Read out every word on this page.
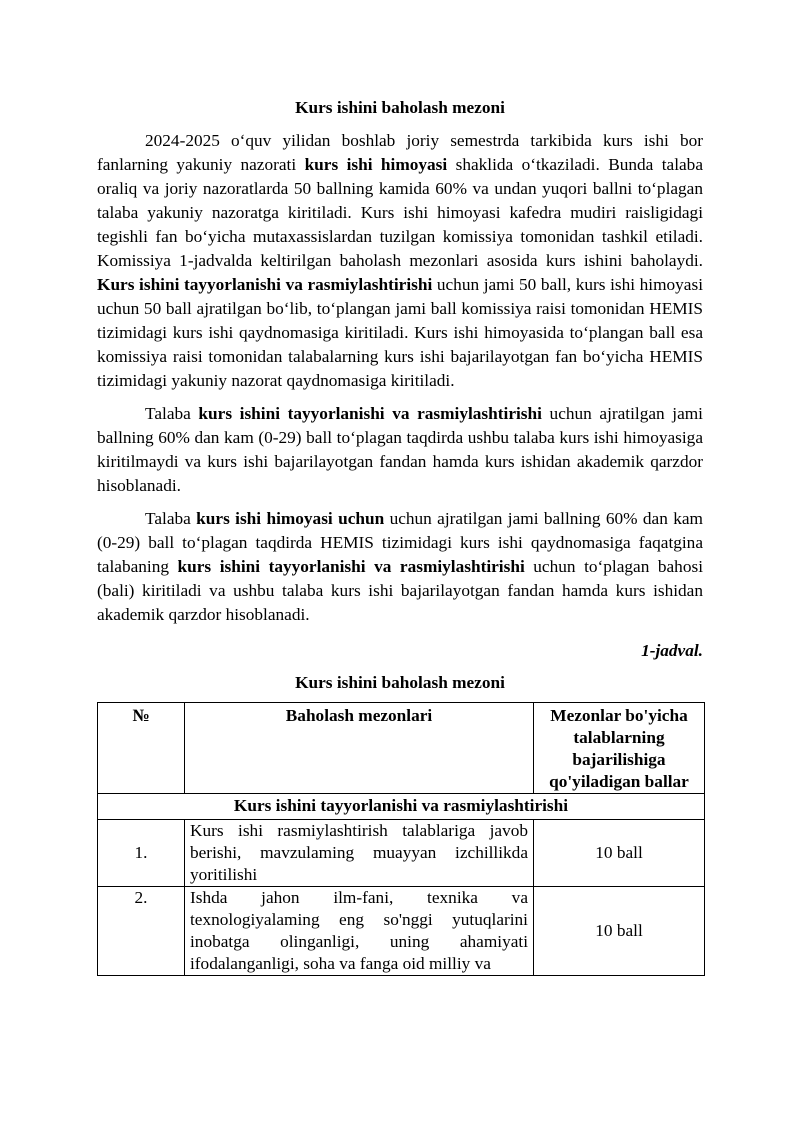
Kurs ishini baholash mezoni

2024-2025 o‘quv yilidan boshlab joriy semestrda tarkibida kurs ishi bor fanlarning yakuniy nazorati kurs ishi himoyasi shaklida o‘tkaziladi. Bunda talaba oraliq va joriy nazoratlarda 50 ballning kamida 60% va undan yuqori ballni to‘plagan talaba yakuniy nazoratga kiritiladi. Kurs ishi himoyasi kafedra mudiri raisligidagi tegishli fan bo‘yicha mutaxassislardan tuzilgan komissiya tomonidan tashkil etiladi. Komissiya 1-jadvalda keltirilgan baholash mezonlari asosida kurs ishini baholaydi. Kurs ishini tayyorlanishi va rasmiylashtirishi uchun jami 50 ball, kurs ishi himoyasi uchun 50 ball ajratilgan bo‘lib, to‘plangan jami ball komissiya raisi tomonidan HEMIS tizimidagi kurs ishi qaydnomasiga kiritiladi. Kurs ishi himoyasida to‘plangan ball esa komissiya raisi tomonidan talabalarning kurs ishi bajarilayotgan fan bo‘yicha HEMIS tizimidagi yakuniy nazorat qaydnomasiga kiritiladi.

Talaba kurs ishini tayyorlanishi va rasmiylashtirishi uchun ajratilgan jami ballning 60% dan kam (0-29) ball to‘plagan taqdirda ushbu talaba kurs ishi himoyasiga kiritilmaydi va kurs ishi bajarilayotgan fandan hamda kurs ishidan akademik qarzdor hisoblanadi.

Talaba kurs ishi himoyasi uchun uchun ajratilgan jami ballning 60% dan kam (0-29) ball to‘plagan taqdirda HEMIS tizimidagi kurs ishi qaydnomasiga faqatgina talabaning kurs ishini tayyorlanishi va rasmiylashtirishi uchun to‘plagan bahosi (bali) kiritiladi va ushbu talaba kurs ishi bajarilayotgan fandan hamda kurs ishidan akademik qarzdor hisoblanadi.

1-jadval.
Kurs ishini baholash mezoni
№	Baholash mezonlari	Mezonlar bo'yicha talablarning bajarilishiga qo'yiladigan ballar
Kurs ishini tayyorlanishi va rasmiylashtirishi		
1.	Kurs ishi rasmiylashtirish talablariga javob berishi, mavzulaming muayyan izchillikda yoritilishi	10 ball
2.	Ishda jahon ilm-fani, texnika va texnologiyalaming eng so'nggi yutuqlarini inobatga olinganligi, uning ahamiyati ifodalanganligi, soha va fanga oid milliy va	10 ball
